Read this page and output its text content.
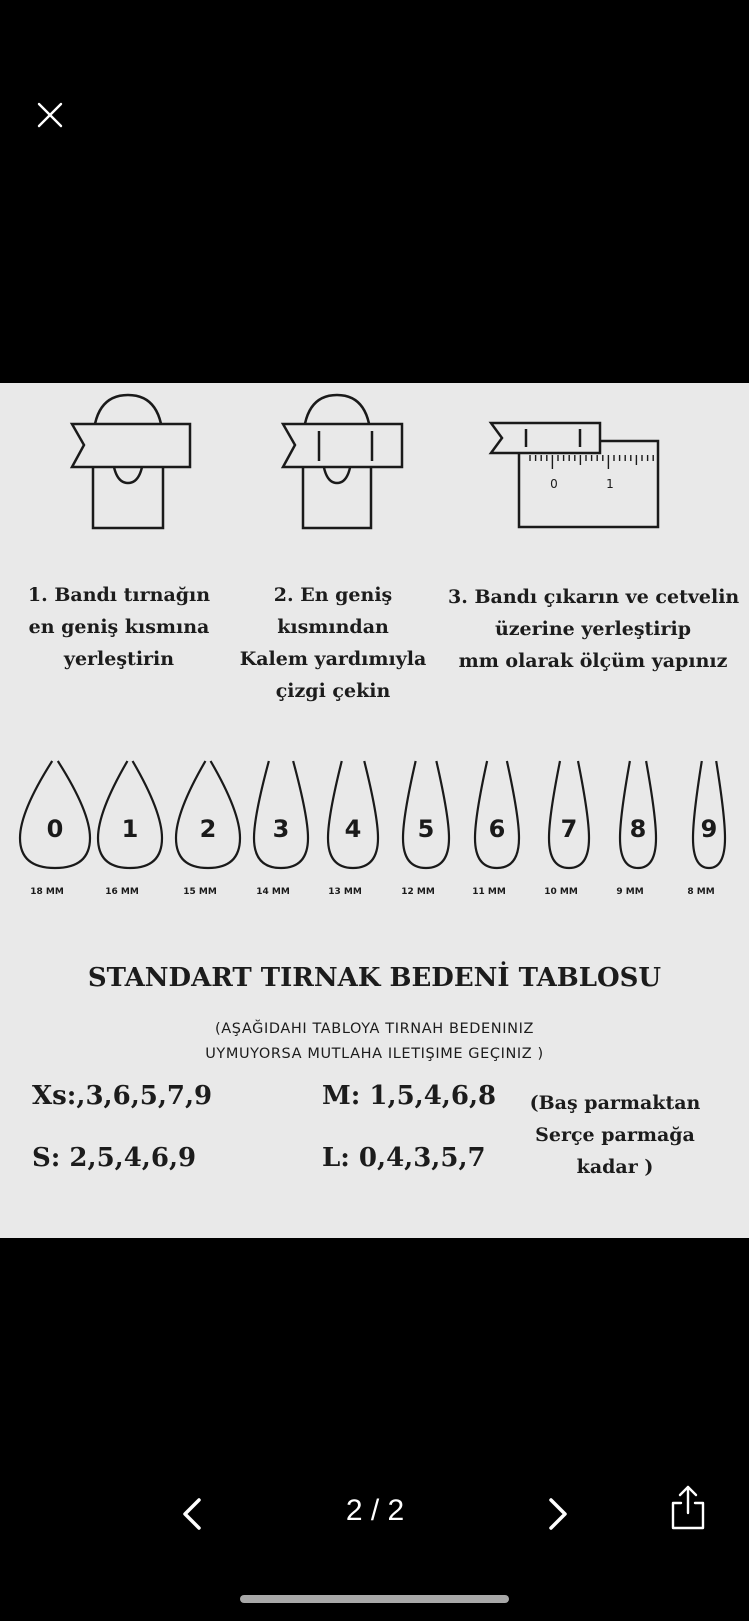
0	1
1. Bandı tırnağın
en geniş kısmına
yerleştirin
2. En geniş
kısmından
Kalem yardımıyla
çizgi çekin
3. Bandı çıkarın ve cetvelin
üzerine yerleştirip
mm olarak ölçüm yapınız
0
18 MM
1
16 MM
2
15 MM
3
14 MM
4
13 MM
5
12 MM
6
11 MM
7
10 MM
8
9 MM
9
8 MM
STANDART TIRNAK BEDENİ TABLOSU
(AŞAĞIDAHI TABLOYA TIRNAH BEDENINIZ
UYMUYORSA MUTLAHA ILETIŞIME GEÇINIZ )
Xs:,3,6,5,7,9
S: 2,5,4,6,9
M: 1,5,4,6,8
L: 0,4,3,5,7
(Baş parmaktan
Serçe parmağa
kadar )
2 / 2
